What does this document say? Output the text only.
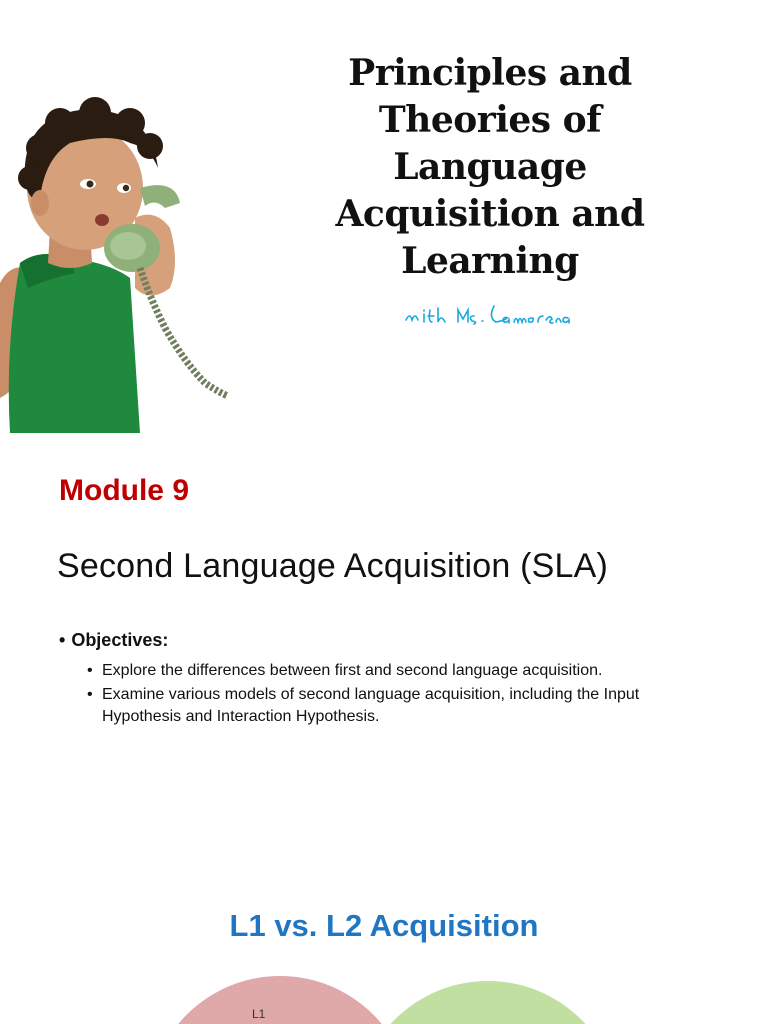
Principles and
Theories of Language
Acquisition and
Learning
Module 9
Second Language Acquisition (SLA)
• Objectives:
• Explore the differences between first and second language acquisition.
• Examine various models of second language acquisition, including the Input Hypothesis and Interaction Hypothesis.
L1 vs. L2 Acquisition
L1
